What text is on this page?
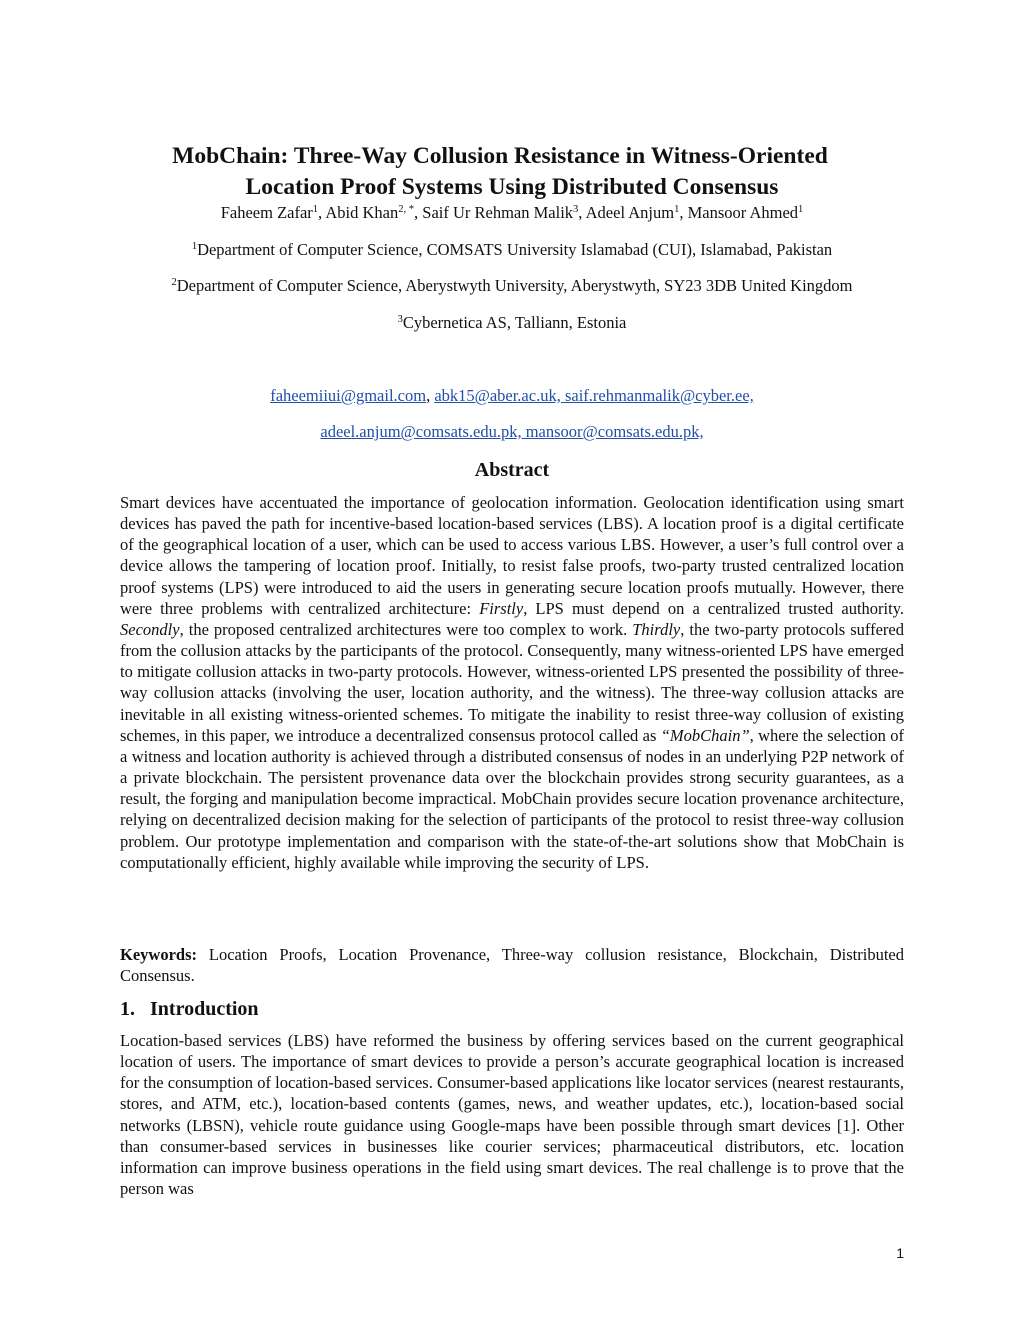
MobChain: Three-Way Collusion Resistance in Witness-Oriented
Location Proof Systems Using Distributed Consensus
Faheem Zafar$^1$, Abid Khan$^{2, *}$, Saif Ur Rehman Malik$^3$, Adeel Anjum$^1$, Mansoor Ahmed$^1$
$^1$Department of Computer Science, COMSATS University Islamabad (CUI), Islamabad, Pakistan
$^2$Department of Computer Science, Aberystwyth University, Aberystwyth, SY23 3DB United Kingdom
$^3$Cybernetica AS, Talliann, Estonia
faheemiiui@gmail.com, abk15@aber.ac.uk, saif.rehmanmalik@cyber.ee,
adeel.anjum@comsats.edu.pk, mansoor@comsats.edu.pk,
Abstract

Smart devices have accentuated the importance of geolocation information. Geolocation identification using smart devices has paved the path for incentive-based location-based services (LBS). A location proof is a digital certificate of the geographical location of a user, which can be used to access various LBS. However, a user’s full control over a device allows the tampering of location proof. Initially, to resist false proofs, two-party trusted centralized location proof systems (LPS) were introduced to aid the users in generating secure location proofs mutually. However, there were three problems with centralized architecture: Firstly, LPS must depend on a centralized trusted authority. Secondly, the proposed centralized architectures were too complex to work. Thirdly, the two-party protocols suffered from the collusion attacks by the participants of the protocol. Consequently, many witness-oriented LPS have emerged to mitigate collusion attacks in two-party protocols. However, witness-oriented LPS presented the possibility of three-way collusion attacks (involving the user, location authority, and the witness). The three-way collusion attacks are inevitable in all existing witness-oriented schemes. To mitigate the inability to resist three-way collusion of existing schemes, in this paper, we introduce a decentralized consensus protocol called as “MobChain”, where the selection of a witness and location authority is achieved through a distributed consensus of nodes in an underlying P2P network of a private blockchain. The persistent provenance data over the blockchain provides strong security guarantees, as a result, the forging and manipulation become impractical. MobChain provides secure location provenance architecture, relying on decentralized decision making for the selection of participants of the protocol to resist three-way collusion problem. Our prototype implementation and comparison with the state-of-the-art solutions show that MobChain is computationally efficient, highly available while improving the security of LPS.

Keywords: Location Proofs, Location Provenance, Three-way collusion resistance, Blockchain, Distributed Consensus.

1.  Introduction

Location-based services (LBS) have reformed the business by offering services based on the current geographical location of users. The importance of smart devices to provide a person’s accurate geographical location is increased for the consumption of location-based services. Consumer-based applications like locator services (nearest restaurants, stores, and ATM, etc.), location-based contents (games, news, and weather updates, etc.), location-based social networks (LBSN), vehicle route guidance using Google-maps have been possible through smart devices [1]. Other than consumer-based services in businesses like courier services; pharmaceutical distributors, etc. location information can improve business operations in the field using smart devices. The real challenge is to prove that the person was

1
